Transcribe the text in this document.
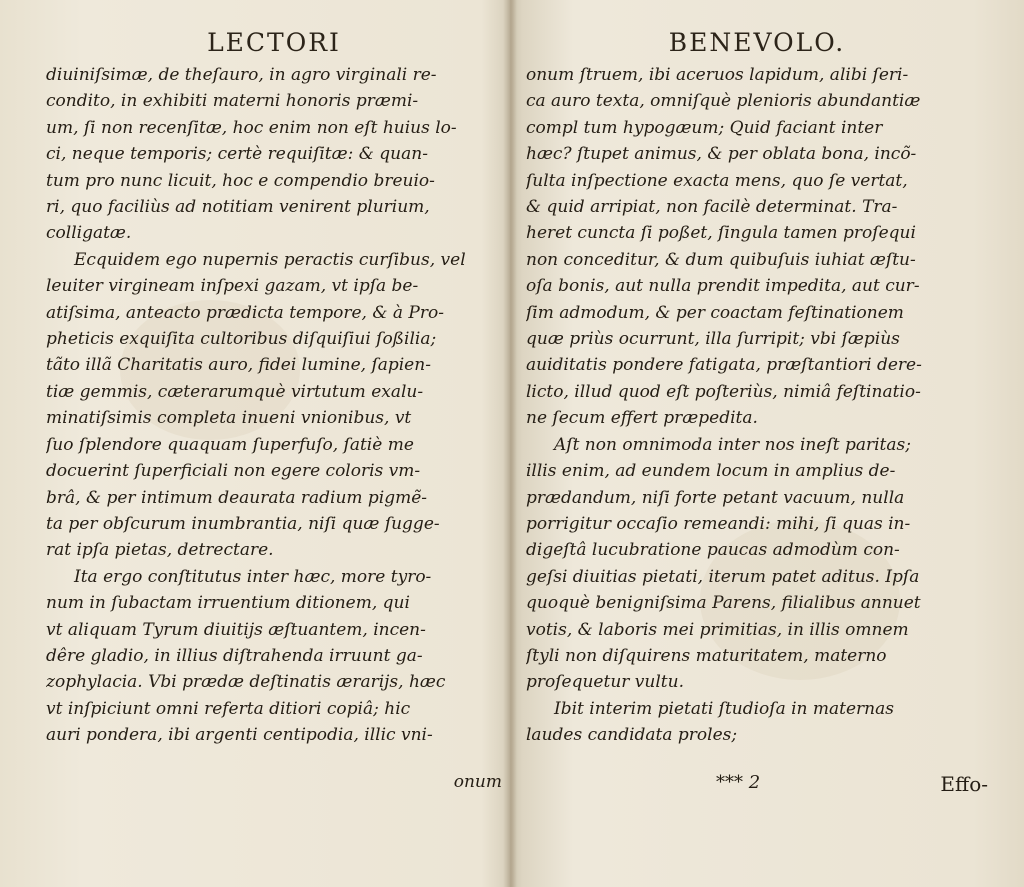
LECTORI
diuiniſsimæ, de theſauro, in agro virginali re-
condito, in exhibiti materni honoris præmi-
um, ſi non recenſitæ, hoc enim non eſt huius lo-
ci, neque temporis; certè requiſitæ: & quan-
tum pro nunc licuit, hoc e compendio breuio-
ri, quo faciliùs ad notitiam venirent plurium,
colligatæ.
Ecquidem ego nupernis peractis curſibus, vel
leuiter virgineam inſpexi gazam, vt ipſa be-
atiſsima, anteacto prædicta tempore, & à Pro-
pheticis exquiſita cultoribus diſquiſiui ſoßilia;
tãto illã Charitatis auro, fidei lumine, ſapien-
tiæ gemmis, cæterarumquè virtutum exalu-
minatiſsimis completa inueni vnionibus, vt
ſuo ſplendore quaquam ſuperfuſo, ſatiè me
docuerint ſuperficiali non egere coloris vm-
brâ, & per intimum deaurata radium pigmẽ-
ta per obſcurum inumbrantia, niſi quæ ſugge-
rat ipſa pietas, detrectare.
Ita ergo conſtitutus inter hæc, more tyro-
num in ſubactam irruentium ditionem, qui
vt aliquam Tyrum diuitijs æſtuantem, incen-
dêre gladio, in illius diſtrahenda irruunt ga-
zophylacia. Vbi prædæ deſtinatis ærarijs, hæc
vt inſpiciunt omni referta ditiori copiâ; hic
auri pondera, ibi argenti centipodia, illic vni-
onum
BENEVOLO.
onum ſtruem, ibi aceruos lapidum, alibi ſeri-
ca auro texta, omniſquè plenioris abundantiæ
compl tum hypogæum; Quid faciant inter
hæc? ſtupet animus, & per oblata bona, incõ-
ſulta inſpectione exacta mens, quo ſe vertat,
& quid arripiat, non facilè determinat. Tra-
heret cuncta ſi poßet, ſingula tamen proſequi
non conceditur, & dum quibuſuis iuhiat æſtu-
oſa bonis, aut nulla prendit impedita, aut cur-
ſim admodum, & per coactam feſtinationem
quæ priùs ocurrunt, illa ſurripit; vbi ſæpiùs
auiditatis pondere fatigata, præſtantiori dere-
licto, illud quod eſt poſteriùs, nimiâ feſtinatio-
ne ſecum effert præpedita.
Aſt non omnimoda inter nos ineſt paritas;
illis enim, ad eundem locum in amplius de-
prædandum, niſi forte petant vacuum, nulla
porrigitur occaſio remeandi: mihi, ſi quas in-
digeſtâ lucubratione paucas admodùm con-
geſsi diuitias pietati, iterum patet aditus. Ipſa
quoquè benigniſsima Parens, filialibus annuet
votis, & laboris mei primitias, in illis omnem
ſtyli non diſquirens maturitatem, materno
proſequetur vultu.
Ibit interim pietati ſtudioſa in maternas
laudes candidata proles;
*** 2	Effo-
